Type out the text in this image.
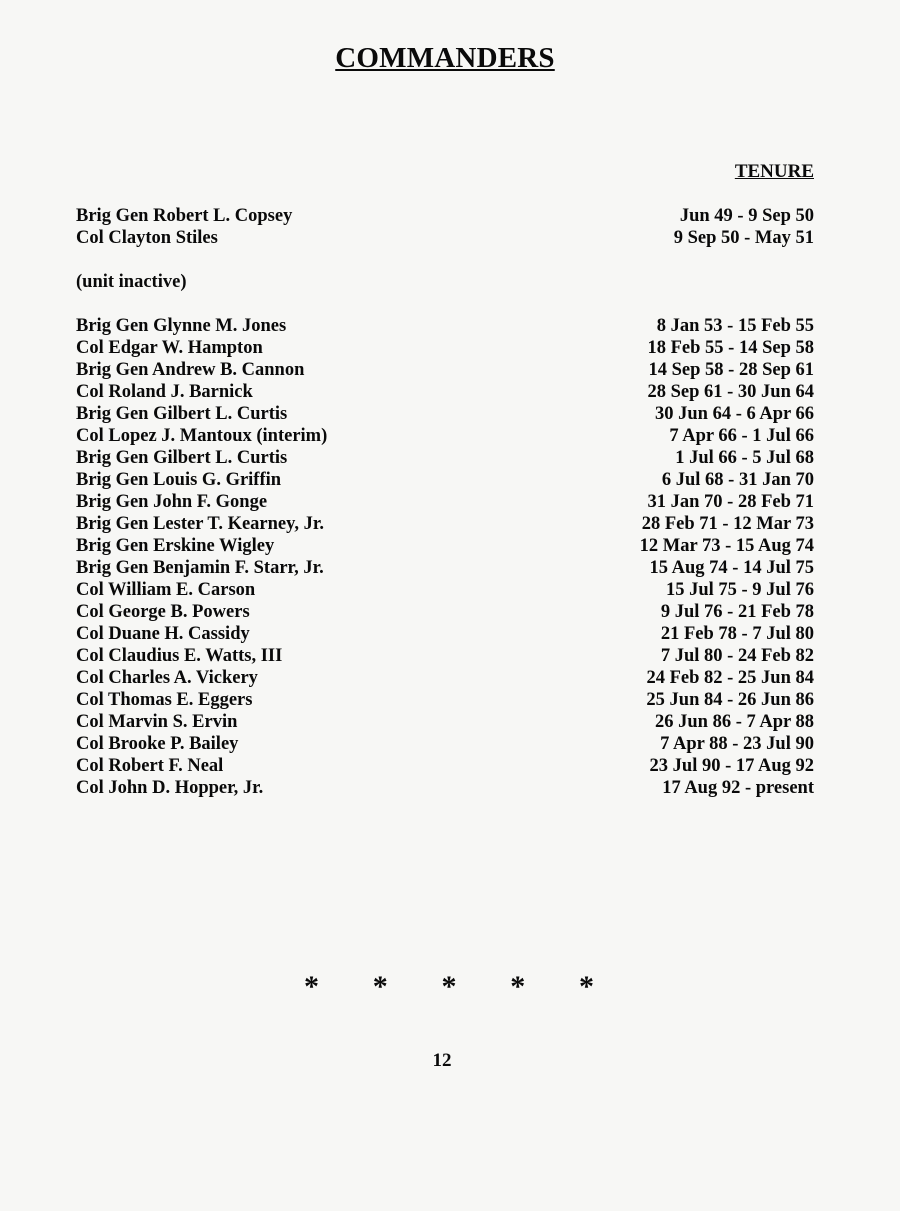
COMMANDERS
TENURE
Brig Gen Robert L. Copsey	Jun 49 - 9 Sep 50
Col Clayton Stiles	9 Sep 50 - May 51
(unit inactive)
Brig Gen Glynne M. Jones	8 Jan 53 - 15 Feb 55
Col Edgar W. Hampton	18 Feb 55 - 14 Sep 58
Brig Gen Andrew B. Cannon	14 Sep 58 - 28 Sep 61
Col Roland J. Barnick	28 Sep 61 - 30 Jun 64
Brig Gen Gilbert L. Curtis	30 Jun 64 - 6 Apr 66
Col Lopez J. Mantoux (interim)	7 Apr 66 - 1 Jul 66
Brig Gen Gilbert L. Curtis	1 Jul 66 - 5 Jul 68
Brig Gen Louis G. Griffin	6 Jul 68 - 31 Jan 70
Brig Gen John F. Gonge	31 Jan 70 - 28 Feb 71
Brig Gen Lester T. Kearney, Jr.	28 Feb 71 - 12 Mar 73
Brig Gen Erskine Wigley	12 Mar 73 - 15 Aug 74
Brig Gen Benjamin F. Starr, Jr.	15 Aug 74 - 14 Jul 75
Col William E. Carson	15 Jul 75 - 9 Jul 76
Col George B. Powers	9 Jul 76 - 21 Feb 78
Col Duane H. Cassidy	21 Feb 78 - 7 Jul 80
Col Claudius E. Watts, III	7 Jul 80 - 24 Feb 82
Col Charles A. Vickery	24 Feb 82 - 25 Jun 84
Col Thomas E. Eggers	25 Jun 84 - 26 Jun 86
Col Marvin S. Ervin	26 Jun 86 - 7 Apr 88
Col Brooke P. Bailey	7 Apr 88 - 23 Jul 90
Col Robert F. Neal	23 Jul 90 - 17 Aug 92
Col John D. Hopper, Jr.	17 Aug 92 - present
* * * * *
12
